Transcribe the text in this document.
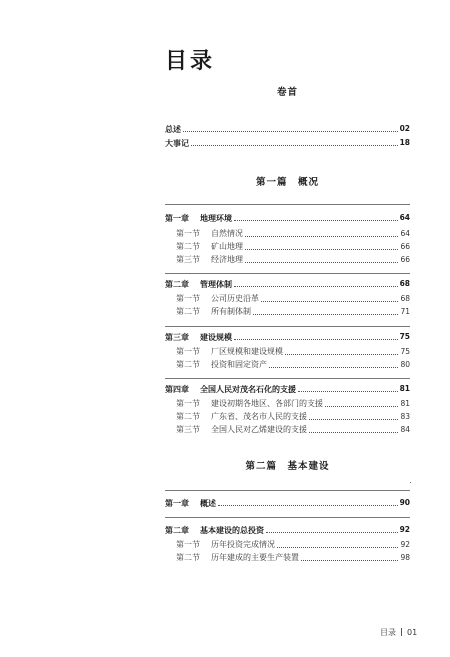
目录
卷首
总述	02
大事记	18
第一篇　概况
第一章 地理环境	64
第一节 自然情况	64
第二节 矿山地理	66
第三节 经济地理	66
第二章 管理体制	68
第一节 公司历史沿革	68
第二节 所有制体制	71
第三章 建设规模	75
第一节 厂区规模和建设规模	75
第二节 投资和固定资产	80
第四章 全国人民对茂名石化的支援	81
第一节 建设初期各地区、各部门的支援	81
第二节 广东省、茂名市人民的支援	83
第三节 全国人民对乙烯建设的支援	84
第二篇　基本建设
第一章 概述	90
第二章 基本建设的总投资	92
第一节 历年投资完成情况	92
第二节 历年建成的主要生产装置	98
目录 01
